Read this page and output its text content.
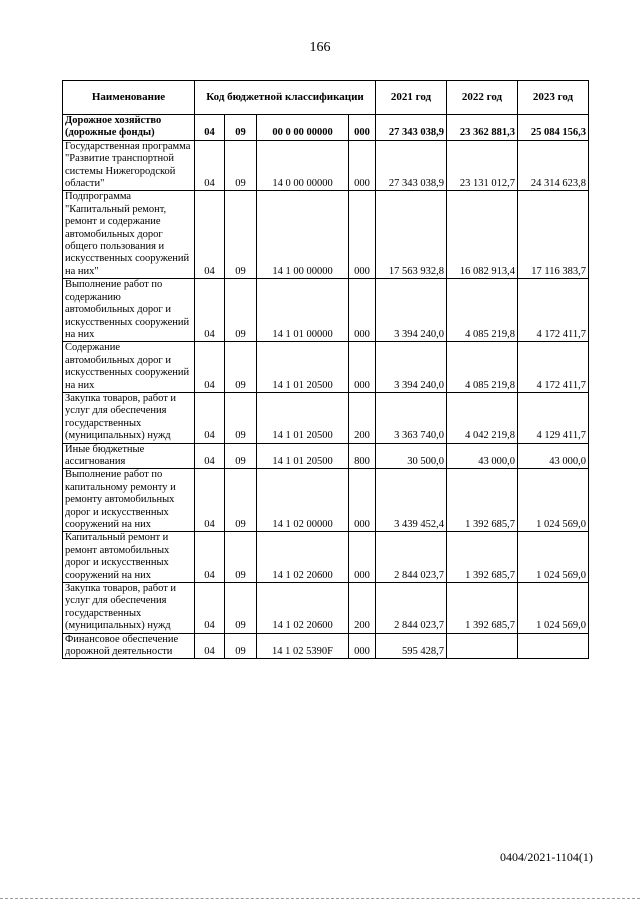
166
Наименование	Код бюджетной классификации				2021 год	2022 год	2023 год

Дорожное хозяйство (дорожные фонды)	04	09	00 0 00 00000	000	27 343 038,9	23 362 881,3	25 084 156,3

Государственная программа "Развитие транспортной системы Нижегородской области"	04	09	14 0 00 00000	000	27 343 038,9	23 131 012,7	24 314 623,8

Подпрограмма "Капитальный ремонт, ремонт и содержание автомобильных дорог общего пользования и искусственных сооружений на них"	04	09	14 1 00 00000	000	17 563 932,8	16 082 913,4	17 116 383,7

Выполнение работ по содержанию автомобильных дорог и искусственных сооружений на них	04	09	14 1 01 00000	000	3 394 240,0	4 085 219,8	4 172 411,7

Содержание автомобильных дорог и искусственных сооружений на них	04	09	14 1 01 20500	000	3 394 240,0	4 085 219,8	4 172 411,7

Закупка товаров, работ и услуг для обеспечения государственных (муниципальных) нужд	04	09	14 1 01 20500	200	3 363 740,0	4 042 219,8	4 129 411,7

Иные бюджетные ассигнования	04	09	14 1 01 20500	800	30 500,0	43 000,0	43 000,0

Выполнение работ по капитальному ремонту и ремонту автомобильных дорог и искусственных сооружений на них	04	09	14 1 02 00000	000	3 439 452,4	1 392 685,7	1 024 569,0

Капитальный ремонт и ремонт автомобильных дорог и искусственных сооружений на них	04	09	14 1 02 20600	000	2 844 023,7	1 392 685,7	1 024 569,0

Закупка товаров, работ и услуг для обеспечения государственных (муниципальных) нужд	04	09	14 1 02 20600	200	2 844 023,7	1 392 685,7	1 024 569,0

Финансовое обеспечение дорожной деятельности	04	09	14 1 02 5390F	000	595 428,7		
0404/2021-1104(1)
